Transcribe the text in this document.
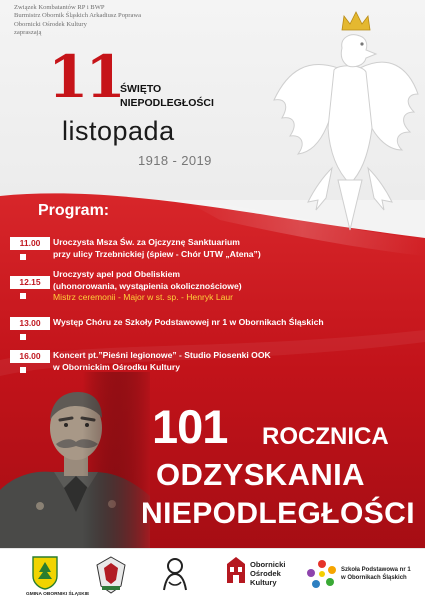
Związek Kombatantów RP i BWP
Burmistrz Obornik Śląskich Arkadiusz Poprawa
Obornicki Ośrodek Kultury
zapraszają
11
ŚWIĘTO
NIEPODLEGŁOŚCI
listopada
1918 - 2019
Program:
11.00	Uroczysta Msza Św. za Ojczyznę Sanktuarium
przy ulicy Trzebnickiej (śpiew - Chór UTW „Atena”)
12.15
Uroczysty apel pod Obeliskiem
(uhonorowania, wystąpienia okolicznościowe)
Mistrz ceremonii - Major w st. sp. - Henryk Laur
13.00	Występ Chóru ze Szkoły Podstawowej nr 1 w Obornikach Śląskich
16.00	Koncert pt.”Pieśni legionowe” - Studio Piosenki OOK
w Obornickim Ośrodku Kultury
101 ROCZNICA
ODZYSKANIA
NIEPODLEGŁOŚCI
GMINA OBORNIKI ŚLĄSKIE
Obornicki
Ośrodek
Kultury
Szkoła Podstawowa nr 1
w Obornikach Śląskich
